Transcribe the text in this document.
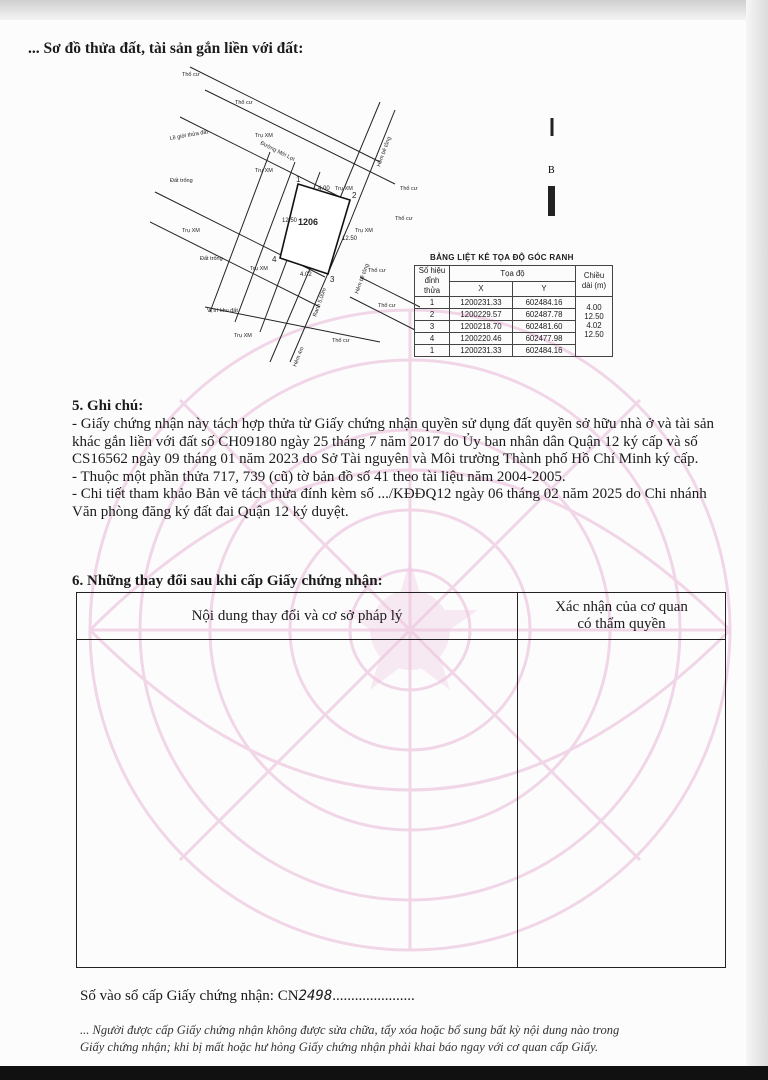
... Sơ đồ thửa đất, tài sản gắn liền với đất:
1206
1
2
3
4
4.00
12.50
4.02
12.50
Thổ cư
Thổ cư
Thổ cư
Thổ cư
Thổ cư
Thổ cư
Thổ cư
Trụ XM
Trụ XM
Trụ XM
Trụ XM
Trụ XM
Trụ XM
Trụ XM
Đất trống
Đất trống
Vị trí khu đất
Lề giới thửa đất
Đường Mới Lợi	Hẻm bê tông
Hẻm bê tông
Hẻm 4m
Ranh 5.00m
B
BẢNG LIỆT KÊ TỌA ĐỘ GÓC RANH
Số hiệu đỉnh thửa	Tọa độ		Chiều dài (m)
	X	Y	
1	1200231.33	602484.16	4.00
12.50
4.02
12.50

2	1200229.57	602487.78	
3	1200218.70	602481.60	
4	1200220.46	602477.98	
1	1200231.33	602484.16	
5. Ghi chú:

- Giấy chứng nhận này tách hợp thửa từ Giấy chứng nhận quyền sử dụng đất quyền sở hữu nhà ở và tài sản khác gắn liền với đất số CH09180 ngày 25 tháng 7 năm 2017 do Ủy ban nhân dân Quận 12 ký cấp và số CS16562 ngày 09 tháng 01 năm 2023 do Sở Tài nguyên và Môi trường Thành phố Hồ Chí Minh ký cấp.

- Thuộc một phần thửa 717, 739 (cũ) tờ bản đồ số 41 theo tài liệu năm 2004-2005.

- Chi tiết tham khảo Bản vẽ tách thửa đính kèm số .../KĐĐQ12 ngày 06 tháng 02 năm 2025 do Chi nhánh Văn phòng đăng ký đất đai Quận 12 ký duyệt.

6. Những thay đổi sau khi cấp Giấy chứng nhận:
Nội dung thay đổi và cơ sở pháp lý	Xác nhận của cơ quan
có thẩm quyền

Số vào sổ cấp Giấy chứng nhận: CN2498......................

... Người được cấp Giấy chứng nhận không được sửa chữa, tẩy xóa hoặc bổ sung bất kỳ nội dung nào trong

Giấy chứng nhận; khi bị mất hoặc hư hỏng Giấy chứng nhận phải khai báo ngay với cơ quan cấp Giấy.
